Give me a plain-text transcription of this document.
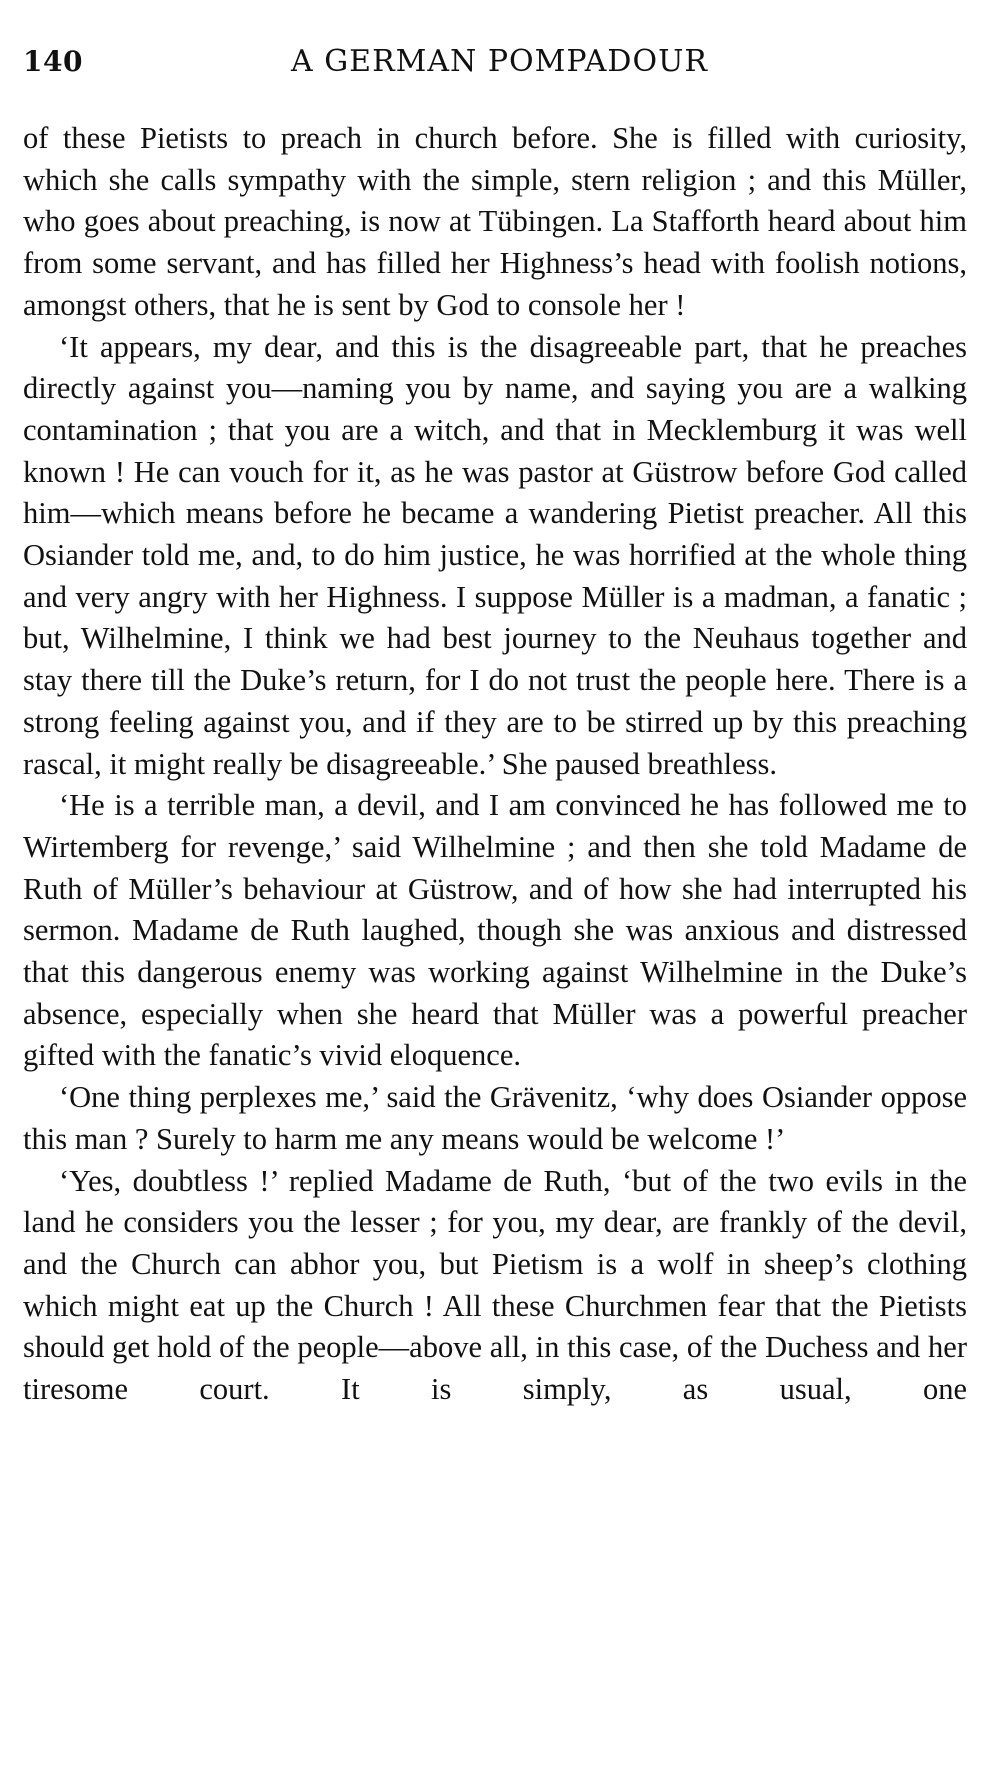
140	A GERMAN POMPADOUR

of these Pietists to preach in church before. She is filled with curiosity, which she calls sympathy with the simple, stern religion ; and this Müller, who goes about preaching, is now at Tübingen. La Stafforth heard about him from some servant, and has filled her Highness’s head with foolish notions, amongst others, that he is sent by God to console her !

‘It appears, my dear, and this is the disagreeable part, that he preaches directly against you—naming you by name, and saying you are a walking contamination ; that you are a witch, and that in Mecklemburg it was well known ! He can vouch for it, as he was pastor at Güstrow before God called him—which means before he became a wandering Pietist preacher. All this Osiander told me, and, to do him justice, he was horrified at the whole thing and very angry with her Highness. I suppose Müller is a madman, a fanatic ; but, Wilhelmine, I think we had best journey to the Neuhaus together and stay there till the Duke’s return, for I do not trust the people here. There is a strong feeling against you, and if they are to be stirred up by this preaching rascal, it might really be disagreeable.’ She paused breathless.

‘He is a terrible man, a devil, and I am convinced he has followed me to Wirtemberg for revenge,’ said Wilhelmine ; and then she told Madame de Ruth of Müller’s behaviour at Güstrow, and of how she had interrupted his sermon. Madame de Ruth laughed, though she was anxious and distressed that this dangerous enemy was working against Wilhelmine in the Duke’s absence, especially when she heard that Müller was a powerful preacher gifted with the fanatic’s vivid eloquence.

‘One thing perplexes me,’ said the Grävenitz, ‘why does Osiander oppose this man ? Surely to harm me any means would be welcome !’

‘Yes, doubtless !’ replied Madame de Ruth, ‘but of the two evils in the land he considers you the lesser ; for you, my dear, are frankly of the devil, and the Church can abhor you, but Pietism is a wolf in sheep’s clothing which might eat up the Church ! All these Churchmen fear that the Pietists should get hold of the people—above all, in this case, of the Duchess and her tiresome court. It is simply, as usual, one
